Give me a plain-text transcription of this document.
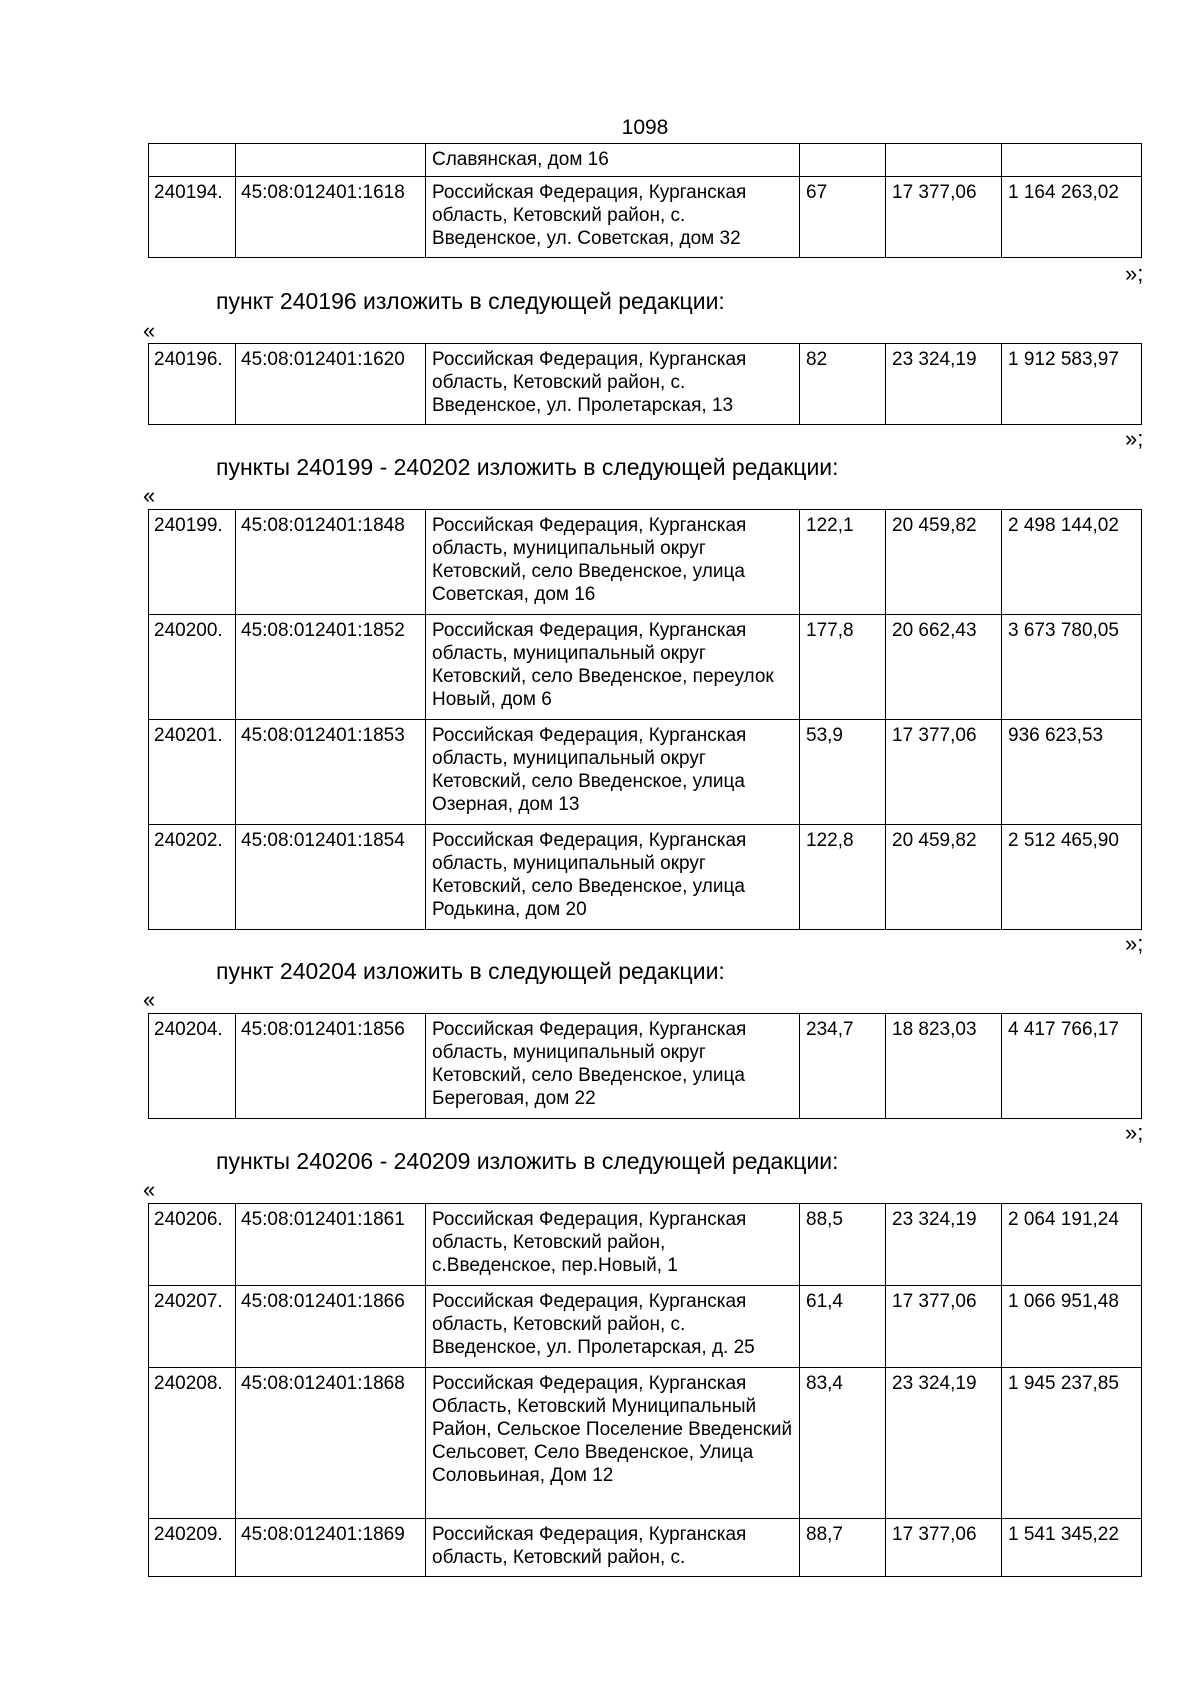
1098
		Славянская, дом 16			
240194.	45:08:012401:1618	Российская Федерация, Курганская область, Кетовский район, с. Введенское, ул. Советская, дом 32	67	17 377,06	1 164 263,02
»;
пункт 240196 изложить в следующей редакции:
«
240196.	45:08:012401:1620	Российская Федерация, Курганская область, Кетовский район, с. Введенское, ул. Пролетарская, 13	82	23 324,19	1 912 583,97
»;
пункты 240199 - 240202 изложить в следующей редакции:
«
240199.	45:08:012401:1848	Российская Федерация, Курганская область, муниципальный округ Кетовский, село Введенское, улица Советская, дом 16	122,1	20 459,82	2 498 144,02
240200.	45:08:012401:1852	Российская Федерация, Курганская область, муниципальный округ Кетовский, село Введенское, переулок Новый, дом 6	177,8	20 662,43	3 673 780,05
240201.	45:08:012401:1853	Российская Федерация, Курганская область, муниципальный округ Кетовский, село Введенское, улица Озерная, дом 13	53,9	17 377,06	936 623,53
240202.	45:08:012401:1854	Российская Федерация, Курганская область, муниципальный округ Кетовский, село Введенское, улица Родькина, дом 20	122,8	20 459,82	2 512 465,90
»;
пункт 240204 изложить в следующей редакции:
«
240204.	45:08:012401:1856	Российская Федерация, Курганская область, муниципальный округ Кетовский, село Введенское, улица Береговая, дом 22	234,7	18 823,03	4 417 766,17
»;
пункты 240206 - 240209 изложить в следующей редакции:
«
240206.	45:08:012401:1861	Российская Федерация, Курганская область, Кетовский район, с.Введенское, пер.Новый, 1	88,5	23 324,19	2 064 191,24
240207.	45:08:012401:1866	Российская Федерация, Курганская область, Кетовский район, с. Введенское, ул. Пролетарская, д. 25	61,4	17 377,06	1 066 951,48
240208.	45:08:012401:1868	Российская Федерация, Курганская Область, Кетовский Муниципальный Район, Сельское Поселение Введенский Сельсовет, Село Введенское, Улица Соловьиная, Дом 12	83,4	23 324,19	1 945 237,85
240209.	45:08:012401:1869	Российская Федерация, Курганская область, Кетовский район, с.	88,7	17 377,06	1 541 345,22
